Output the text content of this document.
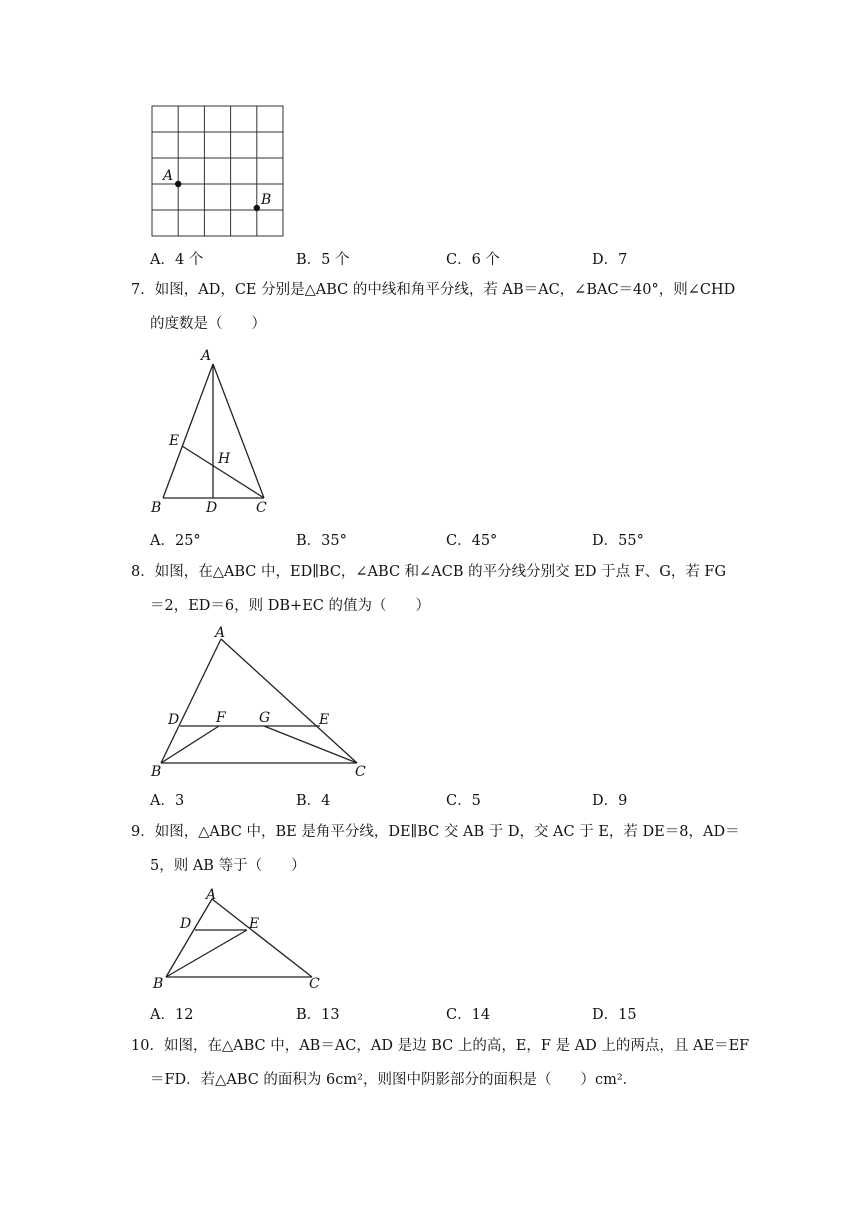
A
B
A．4 个	B．5 个	C．6 个	D．7
7．如图，AD，CE 分别是△ABC 的中线和角平分线，若 AB＝AC，∠BAC＝40°，则∠CHD
的度数是（　　）
A
E
H
B	D	C
A．25°	B．35°	C．45°	D．55°
8．如图，在△ABC 中，ED∥BC，∠ABC 和∠ACB 的平分线分别交 ED 于点 F、G，若 FG
＝2，ED＝6，则 DB+EC 的值为（　　）
A
D	F G	E
B	C
A．3	B．4	C．5	D．9
9．如图，△ABC 中，BE 是角平分线，DE∥BC 交 AB 于 D，交 AC 于 E，若 DE＝8，AD＝
5，则 AB 等于（　　）
A
D	E
B	C
A．12	B．13	C．14	D．15
10．如图，在△ABC 中，AB＝AC，AD 是边 BC 上的高，E，F 是 AD 上的两点，且 AE＝EF
＝FD．若△ABC 的面积为 6cm²，则图中阴影部分的面积是（　　）cm²．
